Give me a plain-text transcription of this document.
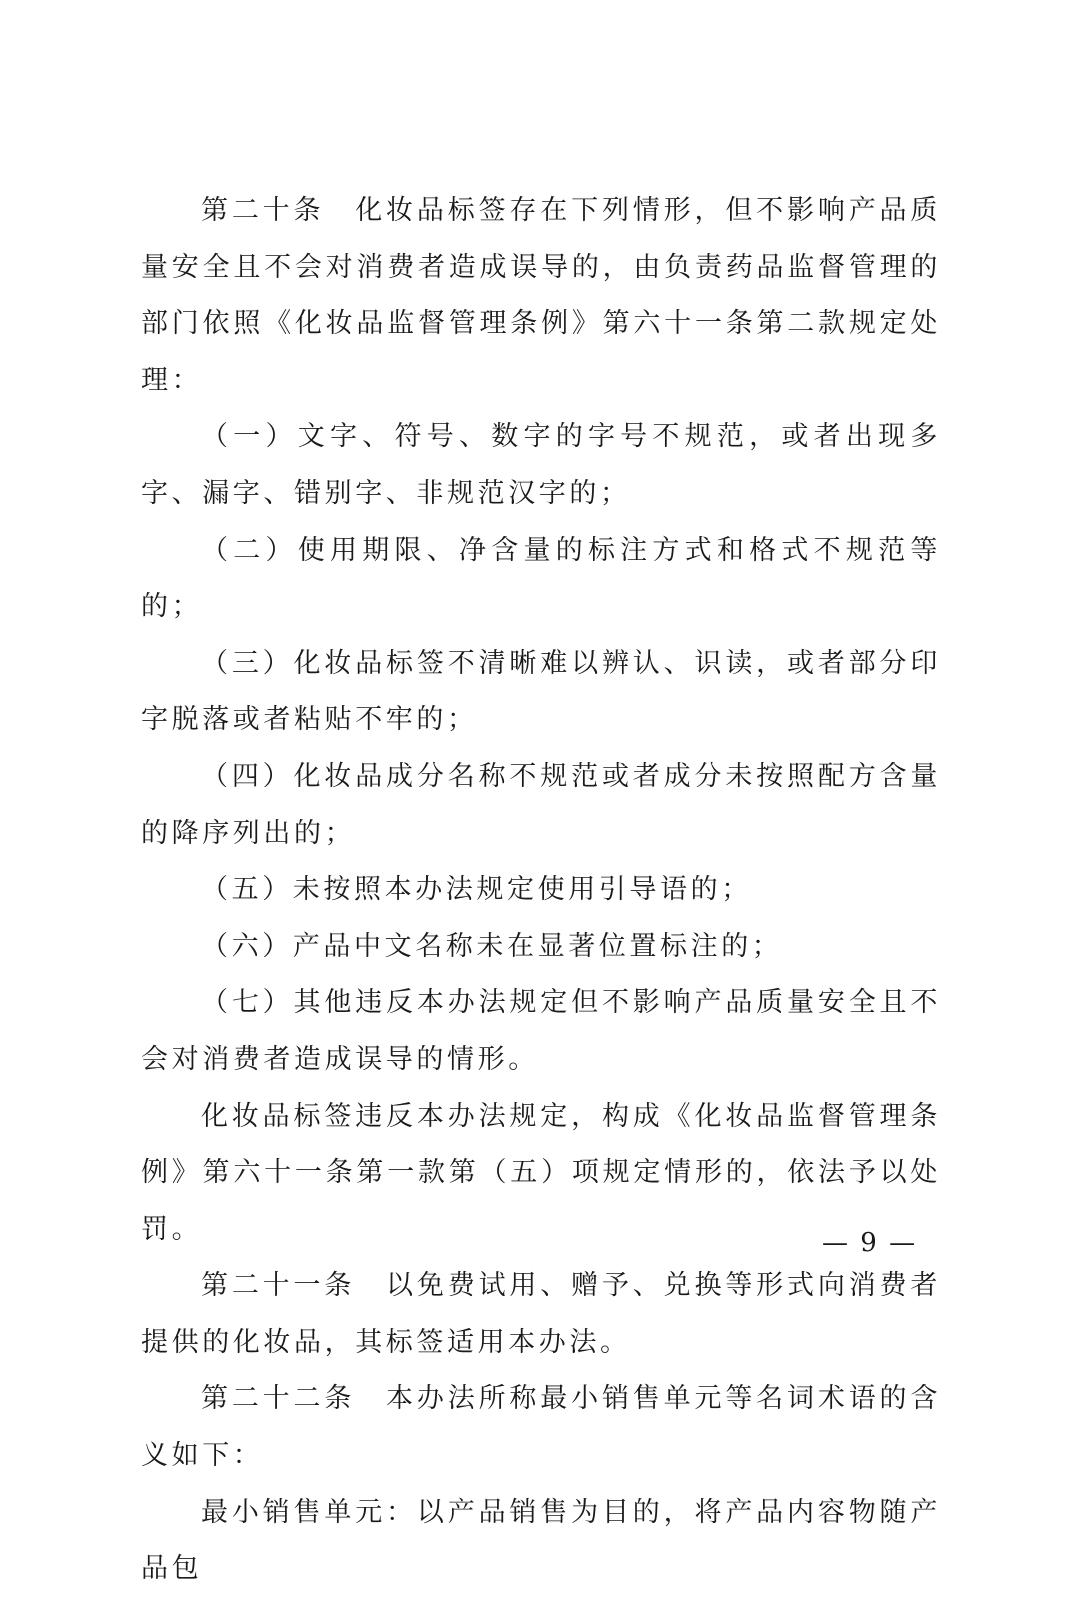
第二十条　化妆品标签存在下列情形，但不影响产品质量安全且不会对消费者造成误导的，由负责药品监督管理的部门依照《化妆品监督管理条例》第六十一条第二款规定处理：

（一）文字、符号、数字的字号不规范，或者出现多字、漏字、错别字、非规范汉字的；

（二）使用期限、净含量的标注方式和格式不规范等的；

（三）化妆品标签不清晰难以辨认、识读，或者部分印字脱落或者粘贴不牢的；

（四）化妆品成分名称不规范或者成分未按照配方含量的降序列出的；

（五）未按照本办法规定使用引导语的；

（六）产品中文名称未在显著位置标注的；

（七）其他违反本办法规定但不影响产品质量安全且不会对消费者造成误导的情形。

化妆品标签违反本办法规定，构成《化妆品监督管理条例》第六十一条第一款第（五）项规定情形的，依法予以处罚。

第二十一条　以免费试用、赠予、兑换等形式向消费者提供的化妆品，其标签适用本办法。

第二十二条　本办法所称最小销售单元等名词术语的含义如下：

最小销售单元：以产品销售为目的，将产品内容物随产品包

— 9 —
